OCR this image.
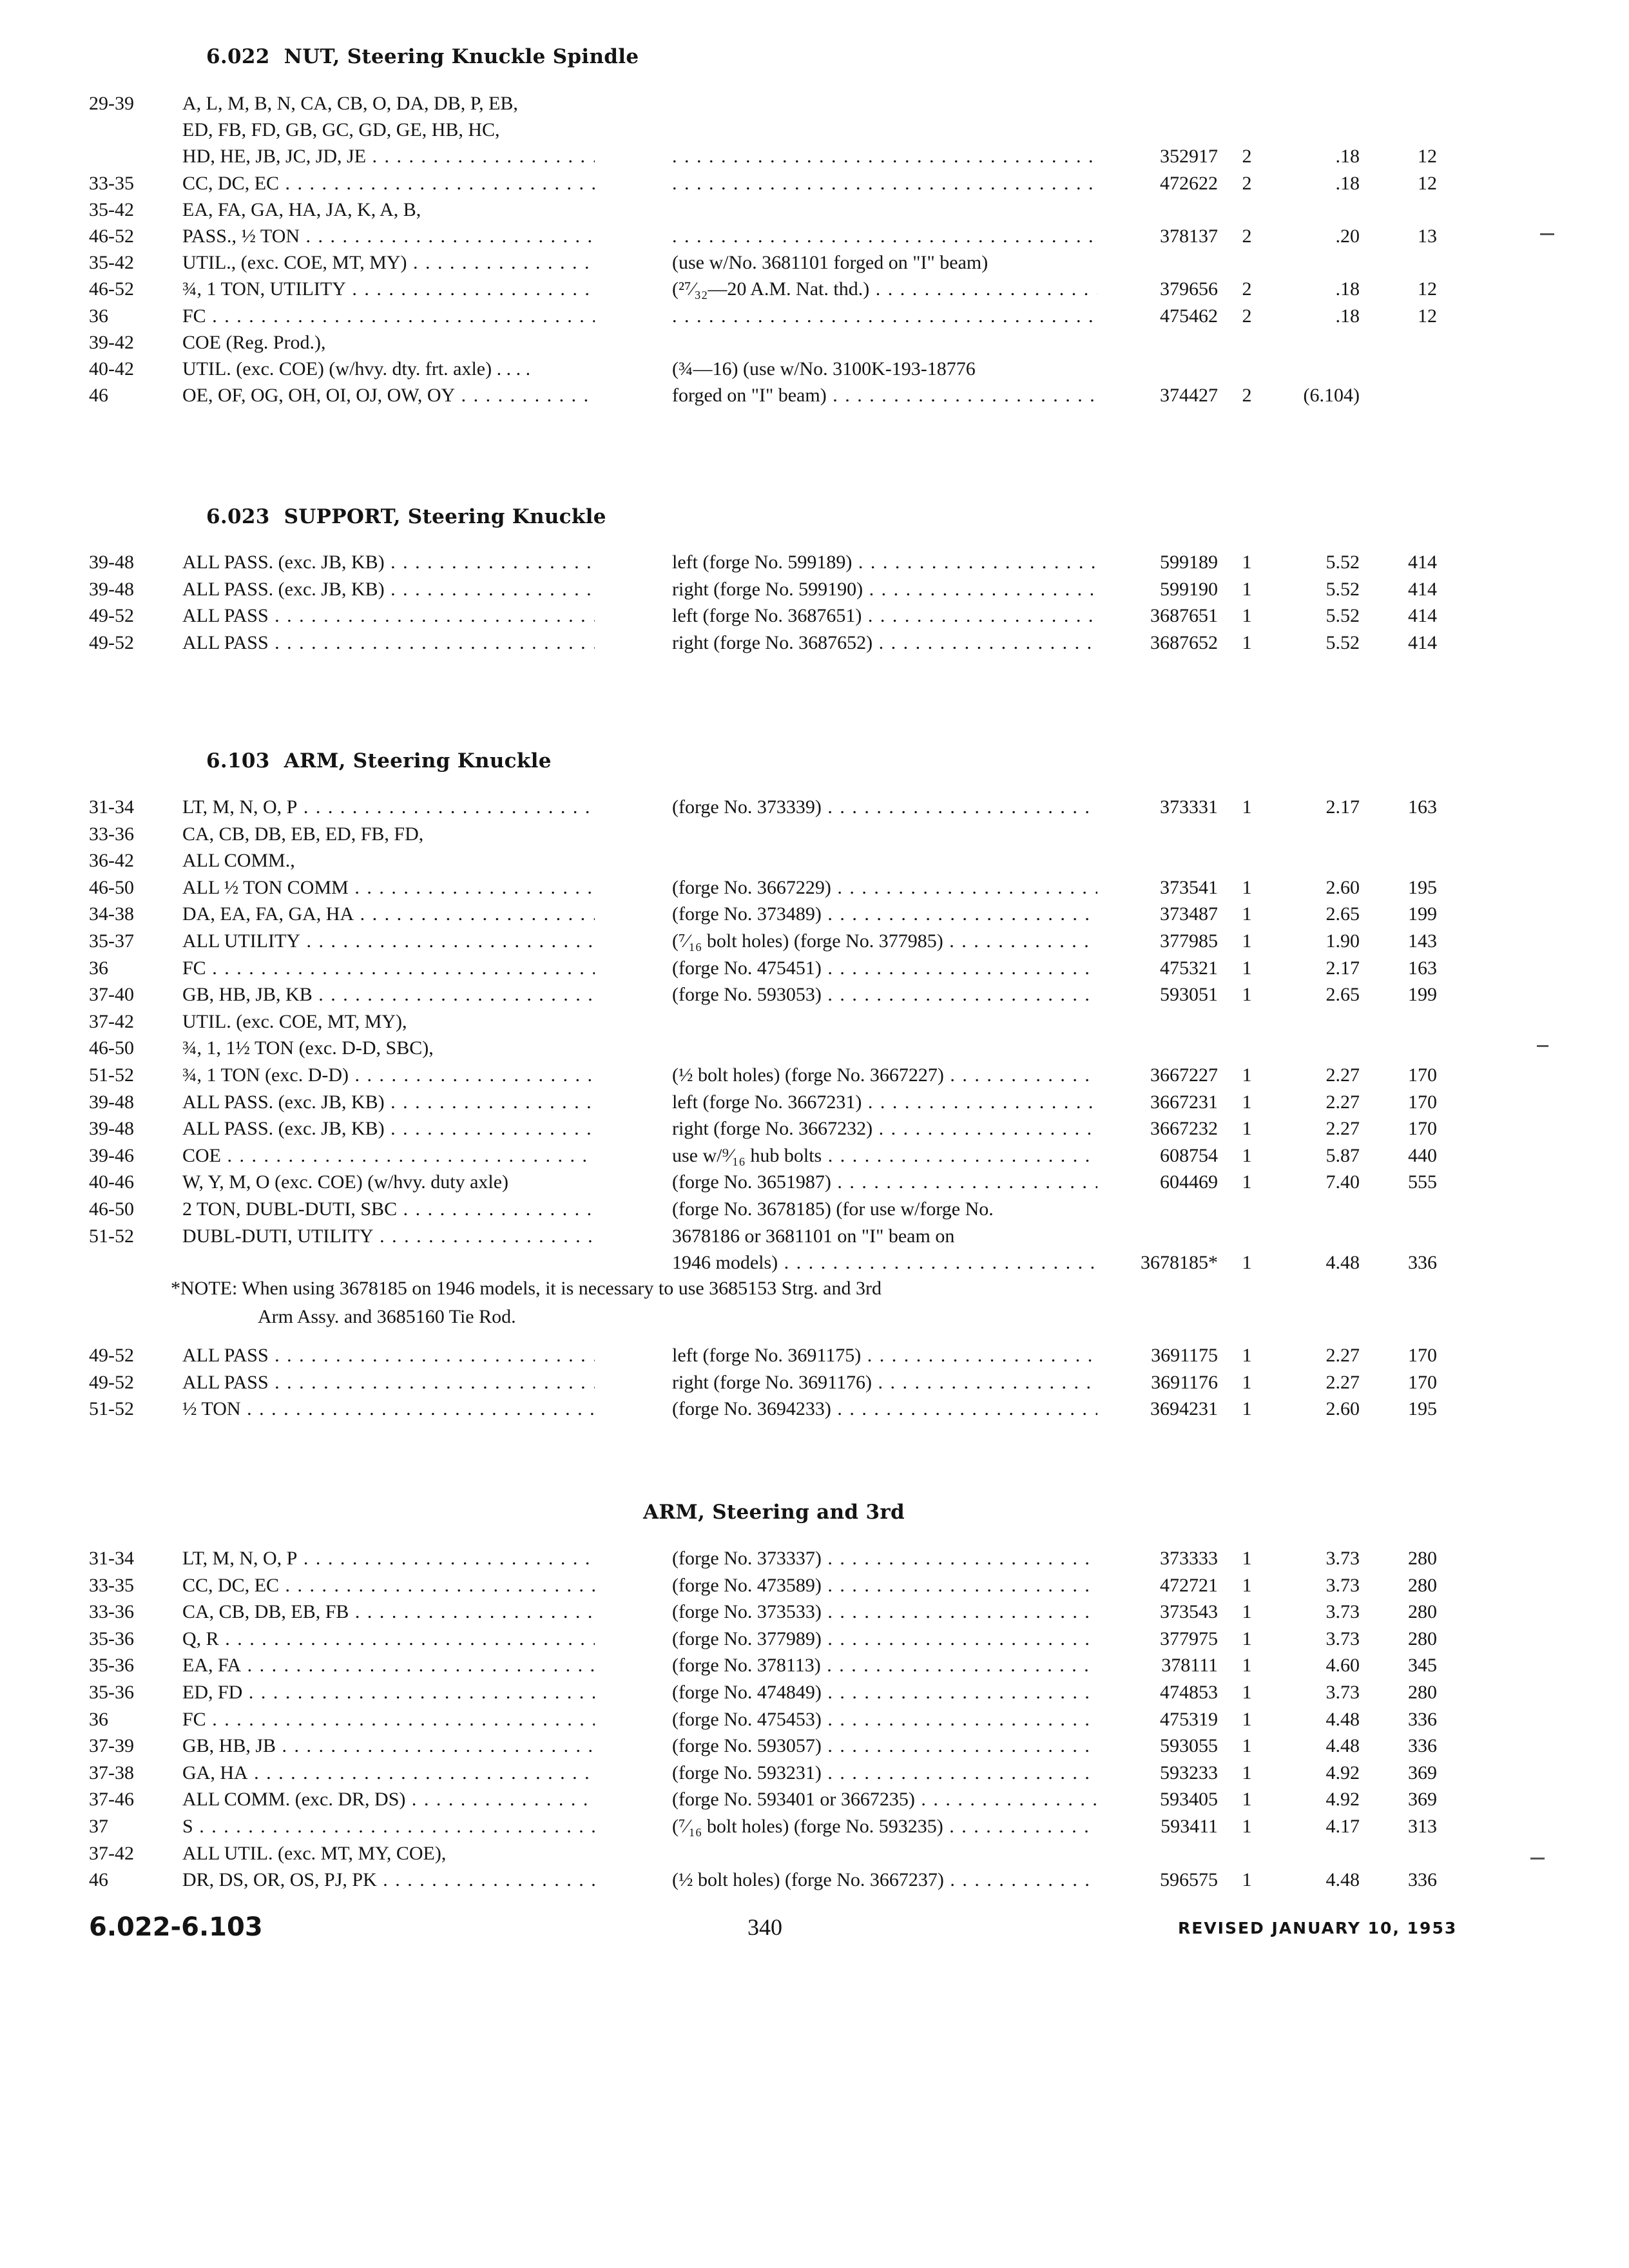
6.022 NUT, Steering Knuckle Spindle
29-39	A, L, M, B, N, CA, CB, O, DA, DB, P, EB,
ED, FB, FD, GB, GC, GD, GE, HB, HC,
HD, HE, JB, JC, JD, JE . . . . . .	352917	2	.18	12
33-35	CC, DC, EC . . . . . .	472622	2	.18	12
35-42	EA, FA, GA, HA, JA, K, A, B,
46-52	PASS., ½ TON . . . . . .	378137	2	.20	13
35-42	UTIL., (exc. COE, MT, MY) . . .	(use w/No. 3681101 forged on "I" beam)
46-52	¾, 1 TON, UTILITY . . .	(²⁷⁄₃₂—20 A.M. Nat. thd.) . . .	379656	2	.18	12
36	FC . . . . . .	475462	2	.18	12
39-42	COE (Reg. Prod.),
40-42	UTIL. (exc. COE) (w/hvy. dty. frt. axle) . . . .	(¾—16) (use w/No. 3100K-193-18776
46	OE, OF, OG, OH, OI, OJ, OW, OY . . .	forged on "I" beam) . . .	374427	2	(6.104)
6.023 SUPPORT, Steering Knuckle
39-48	ALL PASS. (exc. JB, KB) . . .	left (forge No. 599189) . . .	599189	1	5.52	414
39-48	ALL PASS. (exc. JB, KB) . . .	right (forge No. 599190) . . .	599190	1	5.52	414
49-52	ALL PASS . . .	left (forge No. 3687651) . . .	3687651	1	5.52	414
49-52	ALL PASS . . .	right (forge No. 3687652) . . .	3687652	1	5.52	414
6.103 ARM, Steering Knuckle
31-34	LT, M, N, O, P . . .	(forge No. 373339) . . .	373331	1	2.17	163
33-36	CA, CB, DB, EB, ED, FB, FD,
36-42	ALL COMM.,
46-50	ALL ½ TON COMM . . .	(forge No. 3667229) . . .	373541	1	2.60	195
34-38	DA, EA, FA, GA, HA . . .	(forge No. 373489) . . .	373487	1	2.65	199
35-37	ALL UTILITY . . .	(⁷⁄₁₆ bolt holes) (forge No. 377985) . . .	377985	1	1.90	143
36	FC . . .	(forge No. 475451) . . .	475321	1	2.17	163
37-40	GB, HB, JB, KB . . .	(forge No. 593053) . . .	593051	1	2.65	199
37-42	UTIL. (exc. COE, MT, MY),
46-50	¾, 1, 1½ TON (exc. D-D, SBC),
51-52	¾, 1 TON (exc. D-D) . . .	(½ bolt holes) (forge No. 3667227) . . .	3667227	1	2.27	170
39-48	ALL PASS. (exc. JB, KB) . . .	left (forge No. 3667231) . . .	3667231	1	2.27	170
39-48	ALL PASS. (exc. JB, KB) . . .	right (forge No. 3667232) . . .	3667232	1	2.27	170
39-46	COE . . .	use w/⁹⁄₁₆ hub bolts . . .	608754	1	5.87	440
40-46	W, Y, M, O (exc. COE) (w/hvy. duty axle)	(forge No. 3651987) . . .	604469	1	7.40	555
46-50	2 TON, DUBL-DUTI, SBC . . .	(forge No. 3678185) (for use w/forge No.
51-52	DUBL-DUTI, UTILITY . . .	3678186 or 3681101 on "I" beam on
1946 models) . . .	3678185*	1	4.48	336
*NOTE: When using 3678185 on 1946 models, it is necessary to use 3685153 Strg. and 3rd
Arm Assy. and 3685160 Tie Rod.
49-52	ALL PASS . . .	left (forge No. 3691175) . . .	3691175	1	2.27	170
49-52	ALL PASS . . .	right (forge No. 3691176) . . .	3691176	1	2.27	170
51-52	½ TON . . .	(forge No. 3694233) . . .	3694231	1	2.60	195
ARM, Steering and 3rd
31-34	LT, M, N, O, P . . .	(forge No. 373337) . . .	373333	1	3.73	280
33-35	CC, DC, EC . . .	(forge No. 473589) . . .	472721	1	3.73	280
33-36	CA, CB, DB, EB, FB . . .	(forge No. 373533) . . .	373543	1	3.73	280
35-36	Q, R . . .	(forge No. 377989) . . .	377975	1	3.73	280
35-36	EA, FA . . .	(forge No. 378113) . . .	378111	1	4.60	345
35-36	ED, FD . . .	(forge No. 474849) . . .	474853	1	3.73	280
36	FC . . .	(forge No. 475453) . . .	475319	1	4.48	336
37-39	GB, HB, JB . . .	(forge No. 593057) . . .	593055	1	4.48	336
37-38	GA, HA . . .	(forge No. 593231) . . .	593233	1	4.92	369
37-46	ALL COMM. (exc. DR, DS) . . .	(forge No. 593401 or 3667235) . . .	593405	1	4.92	369
37	S . . .	(⁷⁄₁₆ bolt holes) (forge No. 593235) . . .	593411	1	4.17	313
37-42	ALL UTIL. (exc. MT, MY, COE),
46	DR, DS, OR, OS, PJ, PK . . .	(½ bolt holes) (forge No. 3667237) . . .	596575	1	4.48	336
6.022-6.103	340	REVISED JANUARY 10, 1953
